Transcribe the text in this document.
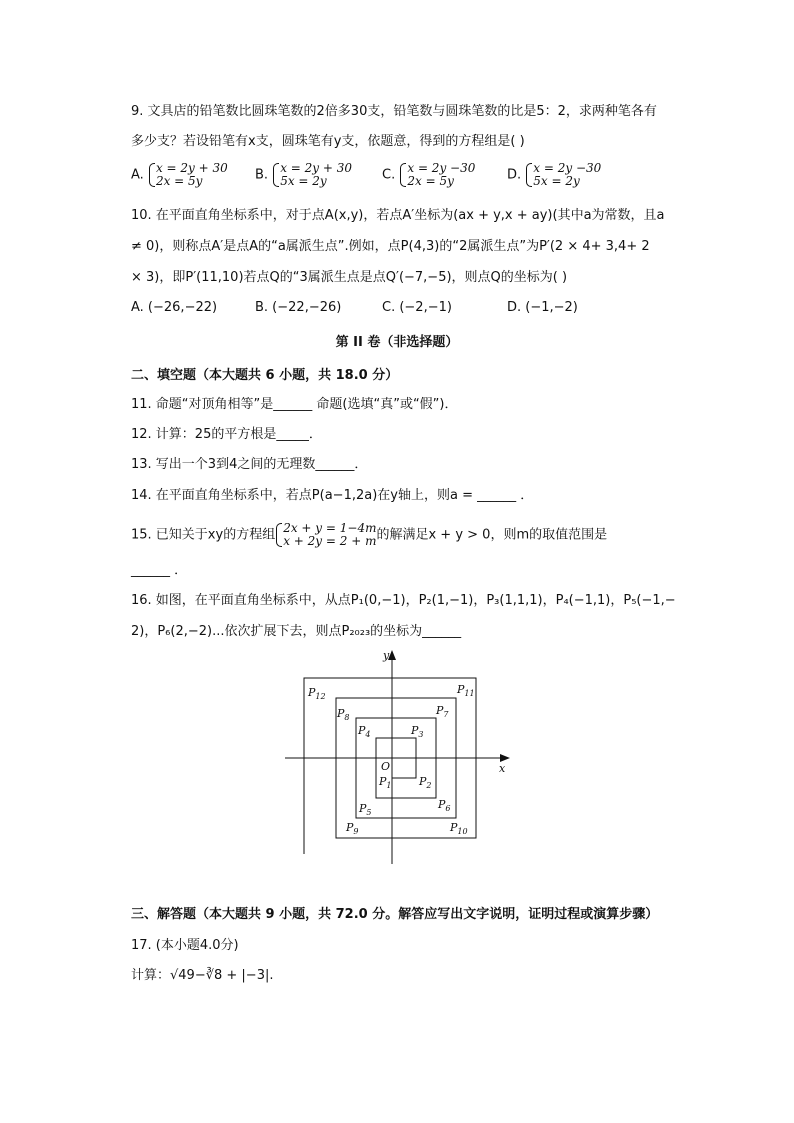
9. 文具店的铅笔数比圆珠笔数的2倍多30支，铅笔数与圆珠笔数的比是5：2，求两种笔各有
多少支？若设铅笔有x支，圆珠笔有y支，依题意，得到的方程组是( )
A. x = 2y + 30
2x = 5y	B. x = 2y + 30
5x = 2y	C. x = 2y −30
2x = 5y	D. x = 2y −30
5x = 2y
10. 在平面直角坐标系中，对于点A(x,y)，若点A′坐标为(ax + y,x + ay)(其中a为常数，且a
≠ 0)，则称点A′是点A的“a属派生点”.例如，点P(4,3)的“2属派生点”为P′(2 × 4+ 3,4+ 2
× 3)，即P′(11,10)若点Q的“3属派生点是点Q′(−7,−5)，则点Q的坐标为( )
A. (−26,−22)	B. (−22,−26)	C. (−2,−1)	D. (−1,−2)
第 II 卷（非选择题）
二、填空题（本大题共 6 小题，共 18.0 分）
11. 命题“对顶角相等”是______ 命题(选填“真”或“假”)．
12. 计算：25的平方根是_____．
13. 写出一个3到4之间的无理数______．
14. 在平面直角坐标系中，若点P(a−1,2a)在y轴上，则a = ______ ．
15. 已知关于xy的方程组 2x + y = 1−4m
x + 2y = 2 + m 的解满足x + y > 0，则m的取值范围是
______ ．
16. 如图，在平面直角坐标系中，从点P₁(0,−1)，P₂(1,−1)，P₃(1,1,1)，P₄(−1,1)，P₅(−1,−
2)，P₆(2,−2)...依次扩展下去，则点P₂₀₂₃的坐标为______
x
y
O
$P_1$	$P_2$
$P_3$
$P_4$
$P_5$
$P_6$
$P_7$
$P_8$
$P_9$	$P_{10}$
$P_{11}$
$P_{12}$
三、解答题（本大题共 9 小题，共 72.0 分。解答应写出文字说明，证明过程或演算步骤）
17. (本小题4.0分)
计算：√49−∛8 + |−3|.
